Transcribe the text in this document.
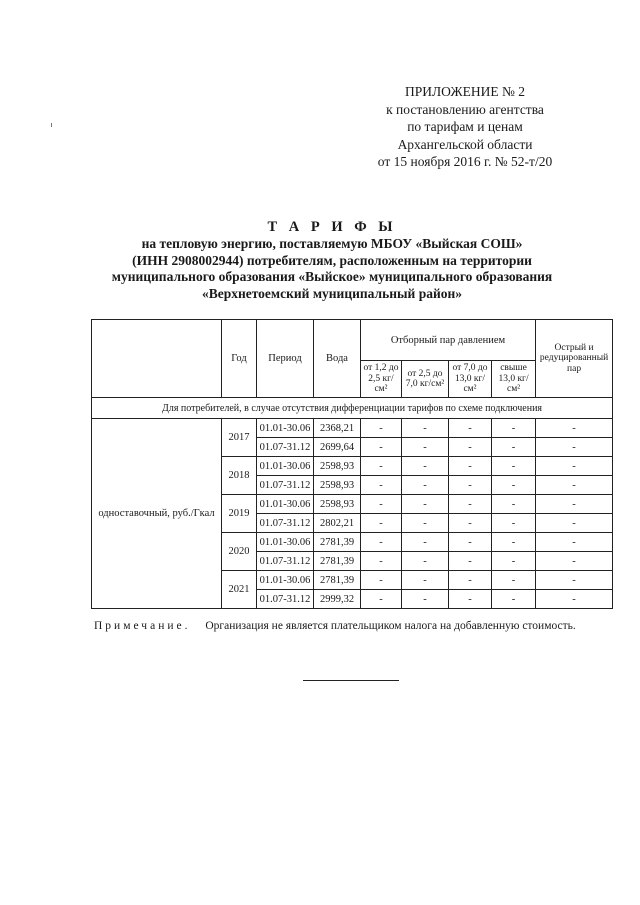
ПРИЛОЖЕНИЕ № 2
к постановлению агентства
по тарифам и ценам
Архангельской области
от 15 ноября 2016 г. № 52-т/20
Т А Р И Ф Ы
на тепловую энергию, поставляемую МБОУ «Выйская СОШ»
(ИНН 2908002944) потребителям, расположенным на территории
муниципального образования «Выйское» муниципального образования
«Верхнетоемский муниципальный район»
	Год	Период	Вода	Отборный пар давлением				Острый и редуцированный пар
				от 1,2 до 2,5 кг/см²	от 2,5 до 7,0 кг/см²	от 7,0 до 13,0 кг/см²	свыше 13,0 кг/см²	
Для потребителей, в случае отсутствия дифференциации тарифов по схеме подключения								
одноставочный, руб./Гкал	2017	01.01-30.06	2368,21	-	-	-	-	-
		01.07-31.12	2699,64	-	-	-	-	-
	2018	01.01-30.06	2598,93	-	-	-	-	-
		01.07-31.12	2598,93	-	-	-	-	-
	2019	01.01-30.06	2598,93	-	-	-	-	-
		01.07-31.12	2802,21	-	-	-	-	-
	2020	01.01-30.06	2781,39	-	-	-	-	-
		01.07-31.12	2781,39	-	-	-	-	-
	2021	01.01-30.06	2781,39	-	-	-	-	-
		01.07-31.12	2999,32	-	-	-	-	-
Примечание. Организация не является плательщиком налога на добавленную стоимость.
